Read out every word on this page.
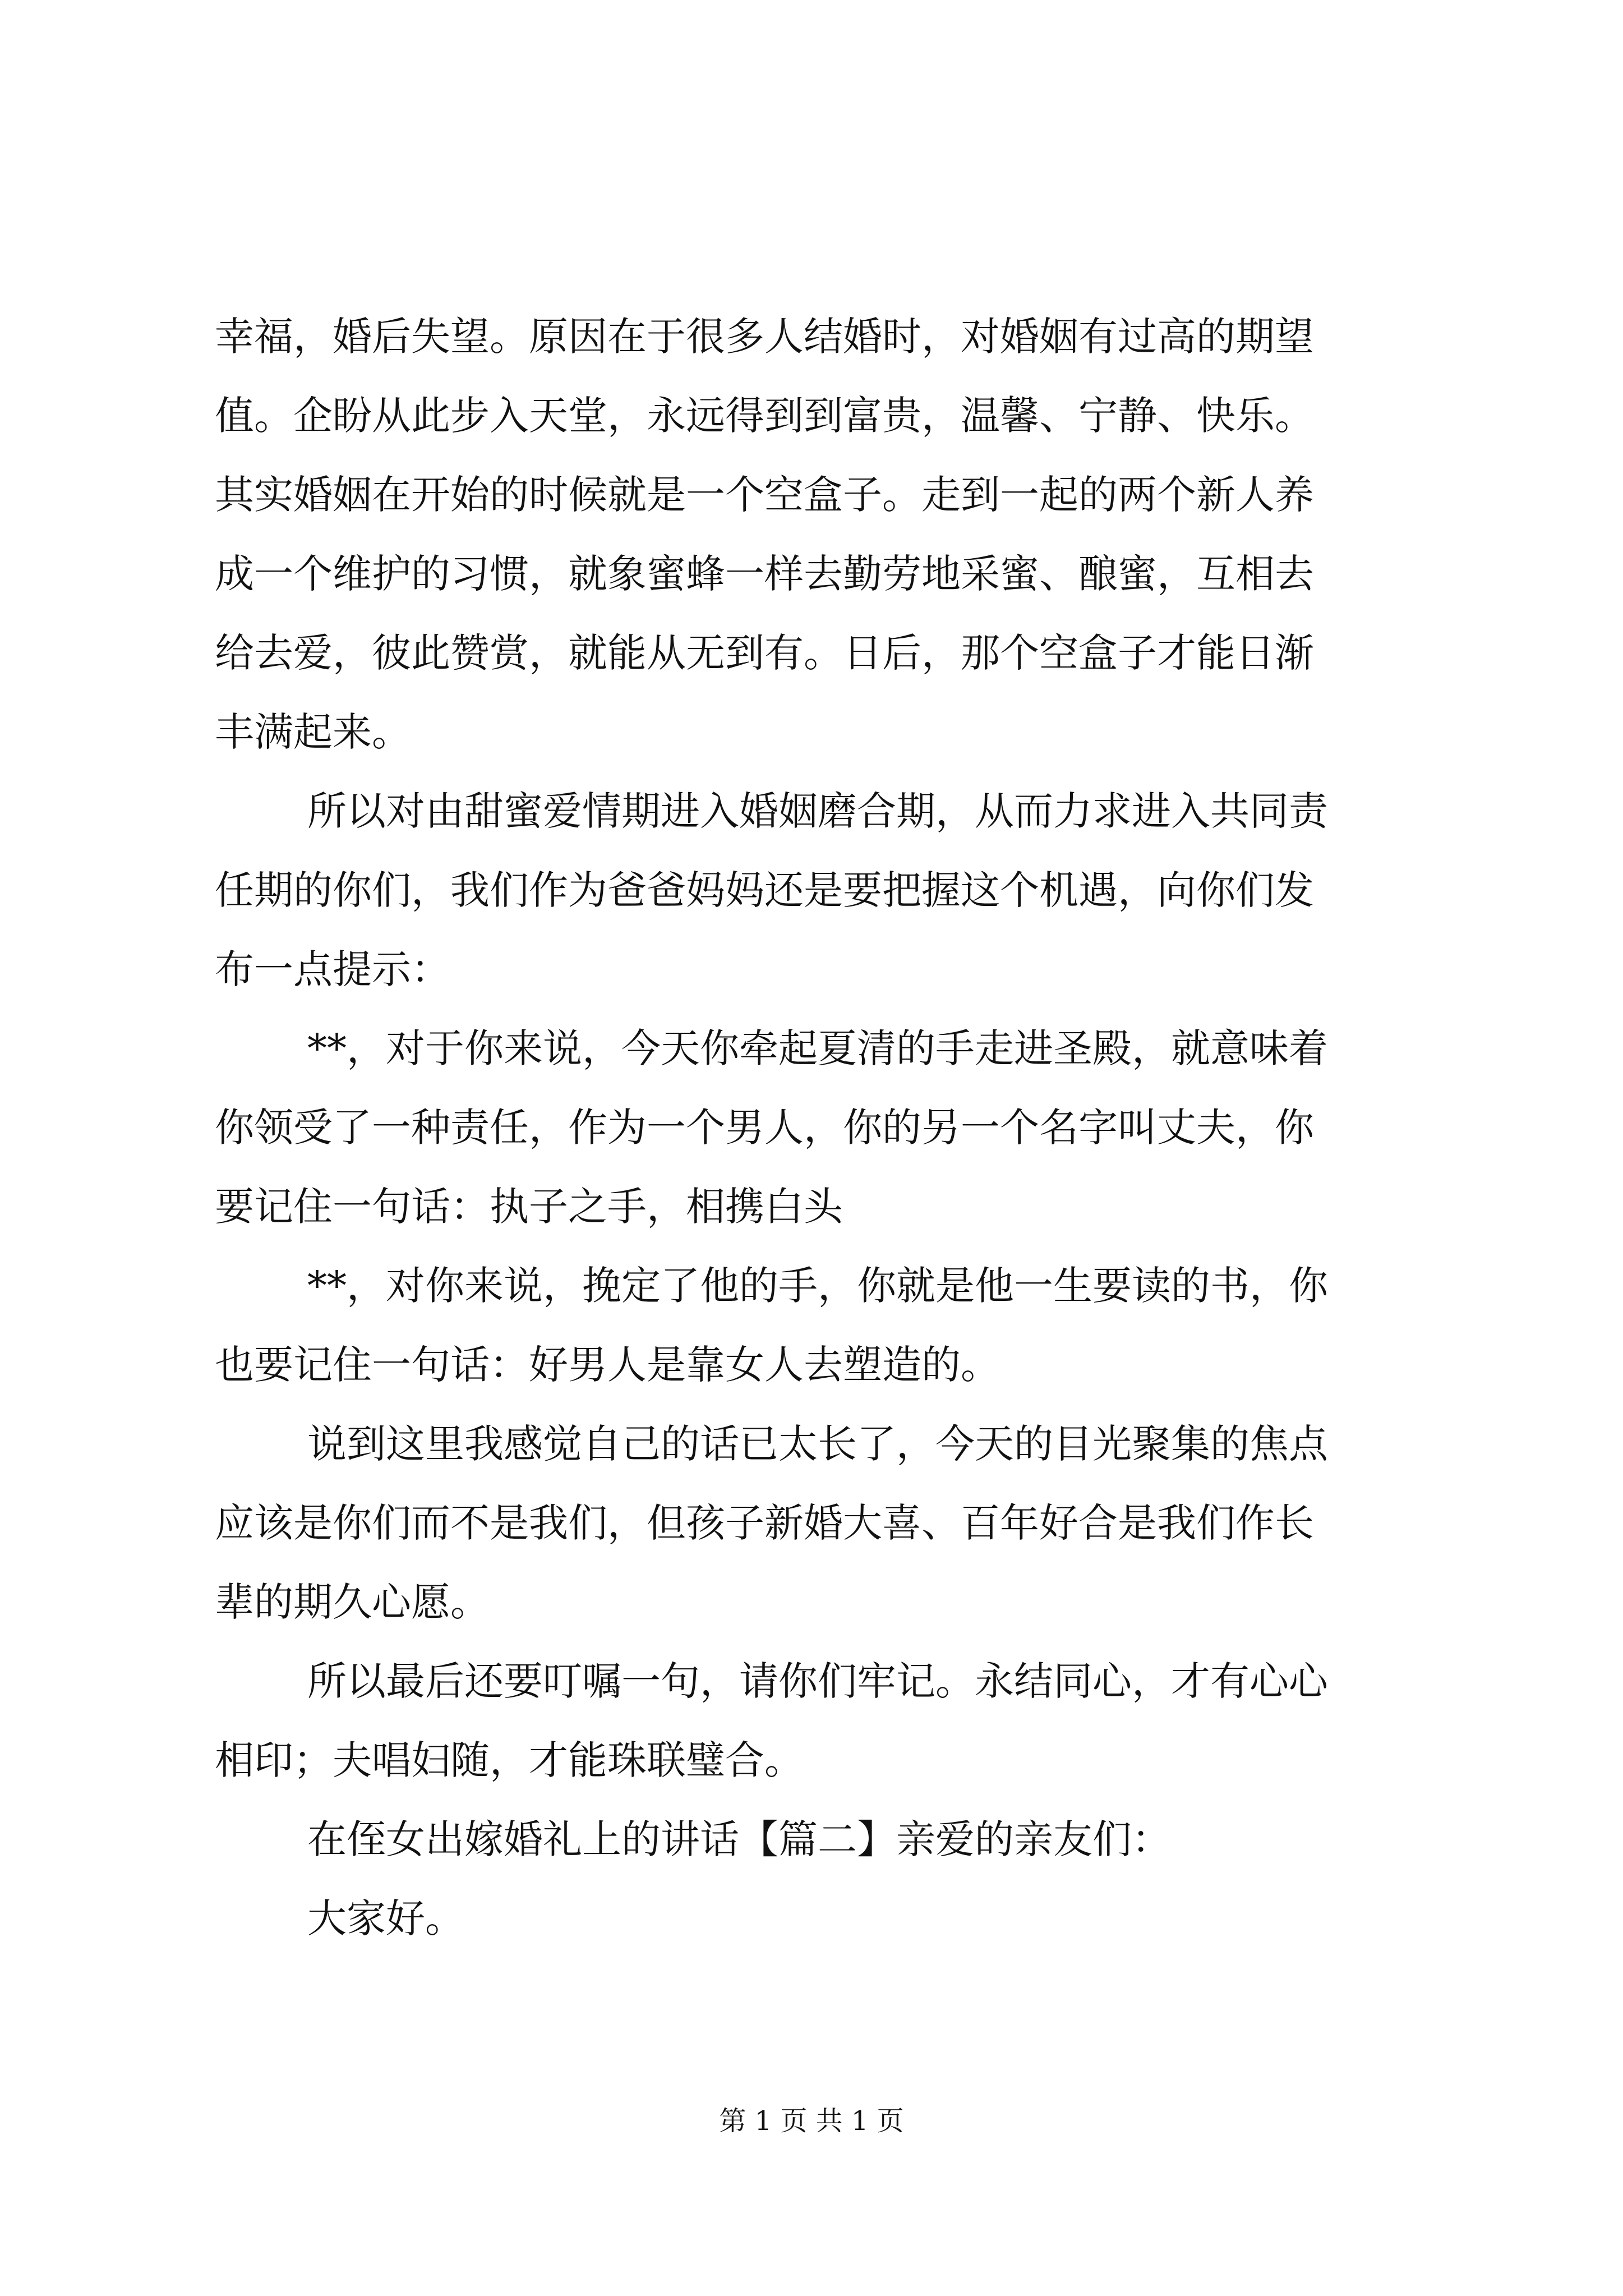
幸福，婚后失望。原因在于很多人结婚时，对婚姻有过高的期望
值。企盼从此步入天堂，永远得到到富贵，温馨、宁静、快乐。
其实婚姻在开始的时候就是一个空盒子。走到一起的两个新人养
成一个维护的习惯，就象蜜蜂一样去勤劳地采蜜、酿蜜，互相去
给去爱，彼此赞赏，就能从无到有。日后，那个空盒子才能日渐
丰满起来。
所以对由甜蜜爱情期进入婚姻磨合期，从而力求进入共同责
任期的你们，我们作为爸爸妈妈还是要把握这个机遇，向你们发
布一点提示：
**，对于你来说，今天你牵起夏清的手走进圣殿，就意味着
你领受了一种责任，作为一个男人，你的另一个名字叫丈夫，你
要记住一句话：执子之手，相携白头
**，对你来说，挽定了他的手，你就是他一生要读的书，你
也要记住一句话：好男人是靠女人去塑造的。
说到这里我感觉自己的话已太长了，今天的目光聚集的焦点
应该是你们而不是我们，但孩子新婚大喜、百年好合是我们作长
辈的期久心愿。
所以最后还要叮嘱一句，请你们牢记。永结同心，才有心心
相印；夫唱妇随，才能珠联璧合。
在侄女出嫁婚礼上的讲话【篇二】亲爱的亲友们：
大家好。
第 1 页 共 1 页
